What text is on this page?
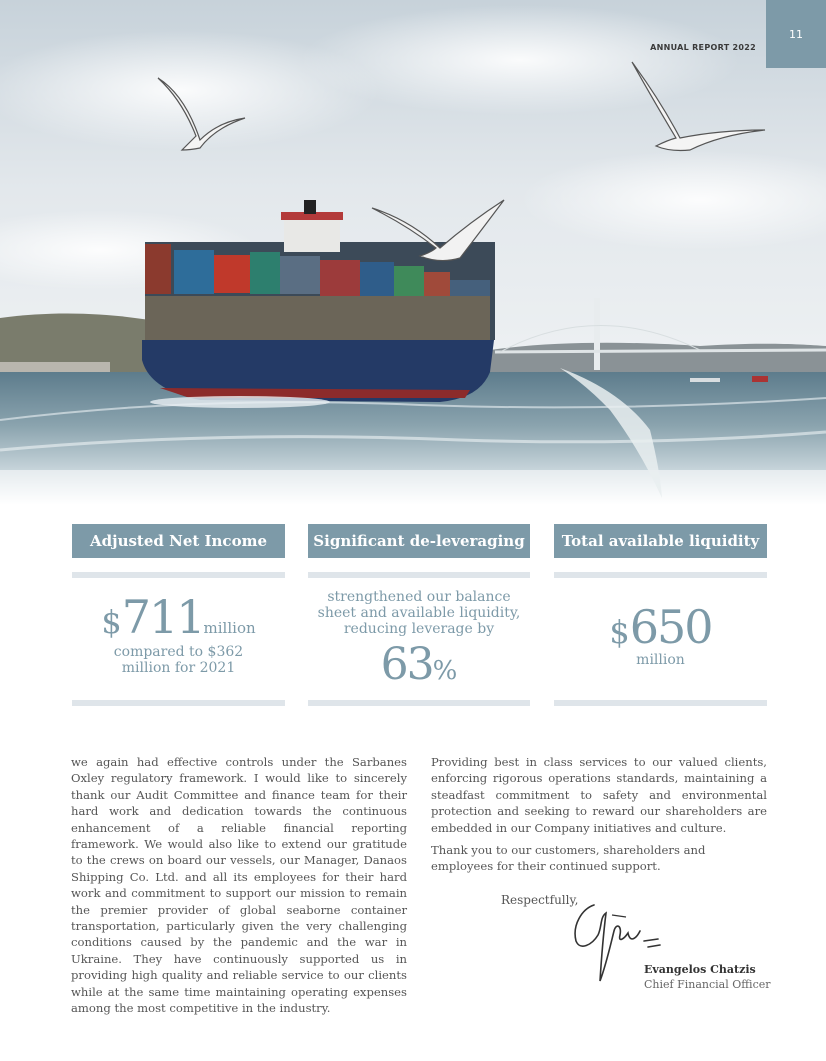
11
ANNUAL REPORT 2022
Adjusted Net Income
$711million
compared to $362 million for 2021
Significant de-leveraging
strengthened our balance sheet and available liquidity, reducing leverage by
63%
Total available liquidity
$650
million

we again had effective controls under the Sarbanes Oxley regulatory framework. I would like to sincerely thank our Audit Committee and finance team for their hard work and dedication towards the continuous enhancement of a reliable financial reporting framework. We would also like to extend our gratitude to the crews on board our vessels, our Manager, Danaos Shipping Co. Ltd. and all its employees for their hard work and commitment to support our mission to remain the premier provider of global seaborne container transportation, particularly given the very challenging conditions caused by the pandemic and the war in Ukraine. They have continuously supported us in providing high quality and reliable service to our clients while at the same time maintaining operating expenses among the most competitive in the industry.

Providing best in class services to our valued clients, enforcing rigorous operations standards, maintaining a steadfast commitment to safety and environmental protection and seeking to reward our shareholders are embedded in our Company initiatives and culture.

Thank you to our customers, shareholders and employees for their continued support.

Respectfully,
Evangelos Chatzis
Chief Financial Officer
